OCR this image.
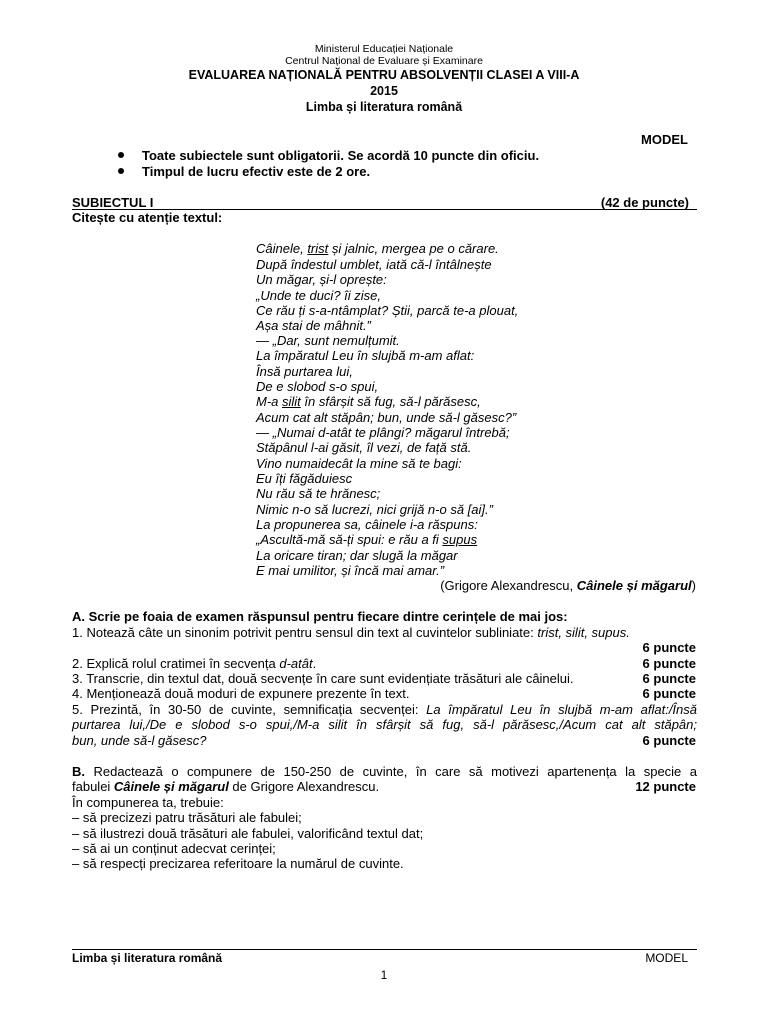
Ministerul Educației Naționale
Centrul Național de Evaluare și Examinare
EVALUAREA NAȚIONALĂ PENTRU ABSOLVENȚII CLASEI A VIII-A
2015
Limba și literatura română
MODEL
Toate subiectele sunt obligatorii. Se acordă 10 puncte din oficiu.
Timpul de lucru efectiv este de 2 ore.
SUBIECTUL I	(42 de puncte)
Citește cu atenție textul:
Câinele, trist și jalnic, mergea pe o cărare.
După îndestul umblet, iată că-l întâlnește
Un măgar, și-l oprește:
„Unde te duci? îi zise,
Ce rău ți s-a-ntâmplat? Știi, parcă te-a plouat,
Așa stai de mâhnit.”
— „Dar, sunt nemulțumit.
La împăratul Leu în slujbă m-am aflat:
Însă purtarea lui,
De e slobod s-o spui,
M-a silit în sfârșit să fug, să-l părăsesc,
Acum cat alt stăpân; bun, unde să-l găsesc?”
— „Numai d-atât te plângi? măgarul întrebă;
Stăpânul l-ai găsit, îl vezi, de față stă.
Vino numaidecât la mine să te bagi:
Eu îți făgăduiesc
Nu rău să te hrănesc;
Nimic n-o să lucrezi, nici grijă n-o să [ai].”
La propunerea sa, câinele i-a răspuns:
„Ascultă-mă să-ți spui: e rău a fi supus
La oricare tiran; dar slugă la măgar
E mai umilitor, și încă mai amar.”
(Grigore Alexandrescu, Câinele și măgarul)
A. Scrie pe foaia de examen răspunsul pentru fiecare dintre cerințele de mai jos:
1. Notează câte un sinonim potrivit pentru sensul din text al cuvintelor subliniate: trist, silit, supus.
6 puncte
2. Explică rolul cratimei în secvența d-atât.	6 puncte
3. Transcrie, din textul dat, două secvențe în care sunt evidențiate trăsături ale câinelui.	6 puncte
4. Menționează două moduri de expunere prezente în text.	6 puncte
5. Prezintă, în 30-50 de cuvinte, semnificația secvenței: La împăratul Leu în slujbă m-am aflat:/Însă
purtarea lui,/De e slobod s-o spui,/M-a silit în sfârșit să fug, să-l părăsesc,/Acum cat alt stăpân;
bun, unde să-l găsesc?	6 puncte
B. Redactează o compunere de 150-250 de cuvinte, în care să motivezi apartenența la specie a
fabulei Câinele și măgarul de Grigore Alexandrescu.	12 puncte
În compunerea ta, trebuie:
– să precizezi patru trăsături ale fabulei;
– să ilustrezi două trăsături ale fabulei, valorificând textul dat;
– să ai un conținut adecvat cerinței;
– să respecți precizarea referitoare la numărul de cuvinte.
Limba și literatura română	MODEL
1
